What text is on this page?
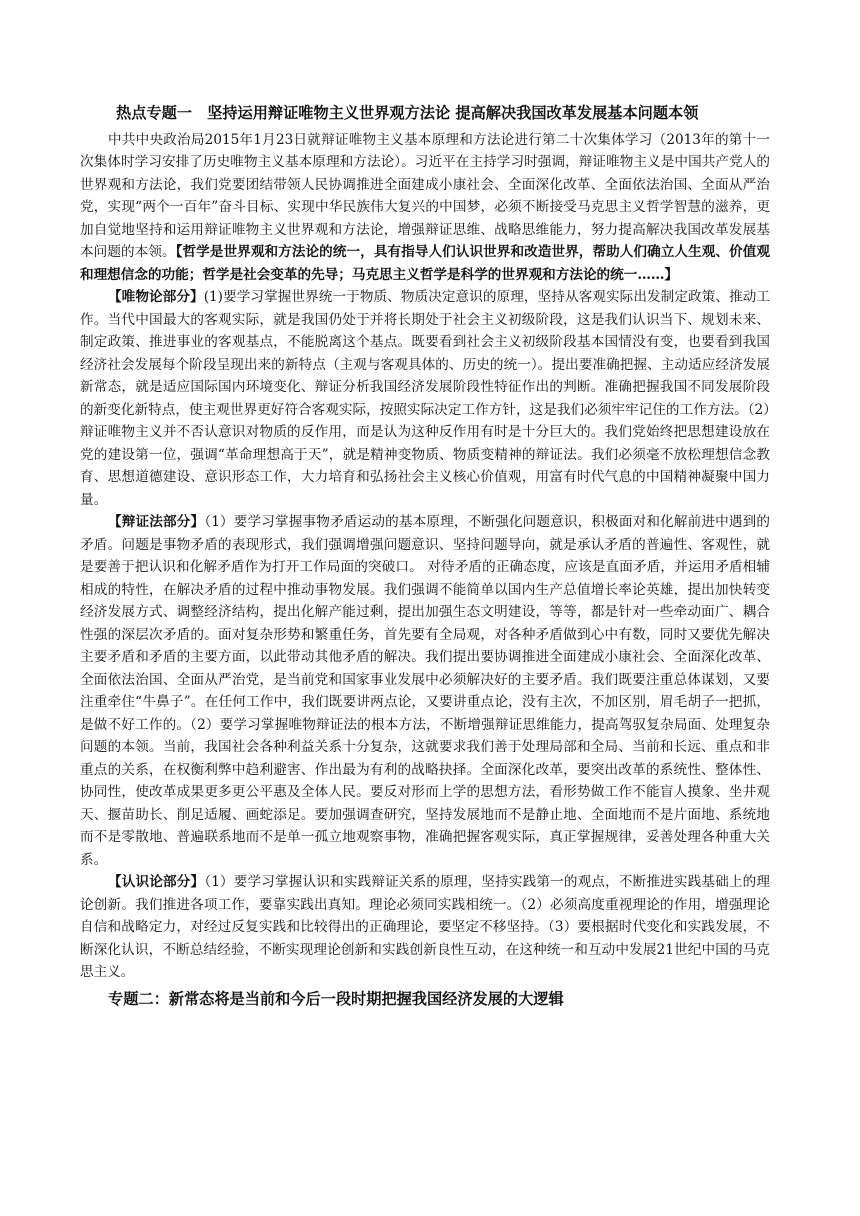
热点专题一　坚持运用辩证唯物主义世界观方法论 提高解决我国改革发展基本问题本领

中共中央政治局2015年1月23日就辩证唯物主义基本原理和方法论进行第二十次集体学习（2013年的第十一次集体时学习安排了历史唯物主义基本原理和方法论）。习近平在主持学习时强调，辩证唯物主义是中国共产党人的世界观和方法论，我们党要团结带领人民协调推进全面建成小康社会、全面深化改革、全面依法治国、全面从严治党，实现“两个一百年”奋斗目标、实现中华民族伟大复兴的中国梦，必须不断接受马克思主义哲学智慧的滋养，更加自觉地坚持和运用辩证唯物主义世界观和方法论，增强辩证思维、战略思维能力，努力提高解决我国改革发展基本问题的本领。【哲学是世界观和方法论的统一，具有指导人们认识世界和改造世界，帮助人们确立人生观、价值观和理想信念的功能；哲学是社会变革的先导；马克思主义哲学是科学的世界观和方法论的统一……】

【唯物论部分】(1)要学习掌握世界统一于物质、物质决定意识的原理，坚持从客观实际出发制定政策、推动工作。当代中国最大的客观实际，就是我国仍处于并将长期处于社会主义初级阶段，这是我们认识当下、规划未来、制定政策、推进事业的客观基点，不能脱离这个基点。既要看到社会主义初级阶段基本国情没有变，也要看到我国经济社会发展每个阶段呈现出来的新特点（主观与客观具体的、历史的统一）。提出要准确把握、主动适应经济发展新常态，就是适应国际国内环境变化、辩证分析我国经济发展阶段性特征作出的判断。准确把握我国不同发展阶段的新变化新特点，使主观世界更好符合客观实际，按照实际决定工作方针，这是我们必须牢牢记住的工作方法。（2）辩证唯物主义并不否认意识对物质的反作用，而是认为这种反作用有时是十分巨大的。我们党始终把思想建设放在党的建设第一位，强调“革命理想高于天”，就是精神变物质、物质变精神的辩证法。我们必须毫不放松理想信念教育、思想道德建设、意识形态工作，大力培育和弘扬社会主义核心价值观，用富有时代气息的中国精神凝聚中国力量。

【辩证法部分】（1）要学习掌握事物矛盾运动的基本原理，不断强化问题意识，积极面对和化解前进中遇到的矛盾。问题是事物矛盾的表现形式，我们强调增强问题意识、坚持问题导向，就是承认矛盾的普遍性、客观性，就是要善于把认识和化解矛盾作为打开工作局面的突破口。 对待矛盾的正确态度，应该是直面矛盾，并运用矛盾相辅相成的特性，在解决矛盾的过程中推动事物发展。我们强调不能简单以国内生产总值增长率论英雄，提出加快转变经济发展方式、调整经济结构，提出化解产能过剩，提出加强生态文明建设，等等，都是针对一些牵动面广、耦合性强的深层次矛盾的。面对复杂形势和繁重任务，首先要有全局观，对各种矛盾做到心中有数，同时又要优先解决主要矛盾和矛盾的主要方面，以此带动其他矛盾的解决。我们提出要协调推进全面建成小康社会、全面深化改革、全面依法治国、全面从严治党，是当前党和国家事业发展中必须解决好的主要矛盾。我们既要注重总体谋划，又要注重牵住“牛鼻子”。在任何工作中，我们既要讲两点论，又要讲重点论，没有主次，不加区别，眉毛胡子一把抓，是做不好工作的。（2）要学习掌握唯物辩证法的根本方法，不断增强辩证思维能力，提高驾驭复杂局面、处理复杂问题的本领。当前，我国社会各种利益关系十分复杂，这就要求我们善于处理局部和全局、当前和长远、重点和非重点的关系，在权衡利弊中趋利避害、作出最为有利的战略抉择。全面深化改革，要突出改革的系统性、整体性、协同性，使改革成果更多更公平惠及全体人民。要反对形而上学的思想方法，看形势做工作不能盲人摸象、坐井观天、揠苗助长、削足适履、画蛇添足。要加强调查研究，坚持发展地而不是静止地、全面地而不是片面地、系统地而不是零散地、普遍联系地而不是单一孤立地观察事物，准确把握客观实际，真正掌握规律，妥善处理各种重大关系。

【认识论部分】（1）要学习掌握认识和实践辩证关系的原理，坚持实践第一的观点，不断推进实践基础上的理论创新。我们推进各项工作，要靠实践出真知。理论必须同实践相统一。（2）必须高度重视理论的作用，增强理论自信和战略定力，对经过反复实践和比较得出的正确理论，要坚定不移坚持。（3）要根据时代变化和实践发展，不断深化认识，不断总结经验，不断实现理论创新和实践创新良性互动，在这种统一和互动中发展21世纪中国的马克思主义。

专题二：新常态将是当前和今后一段时期把握我国经济发展的大逻辑
